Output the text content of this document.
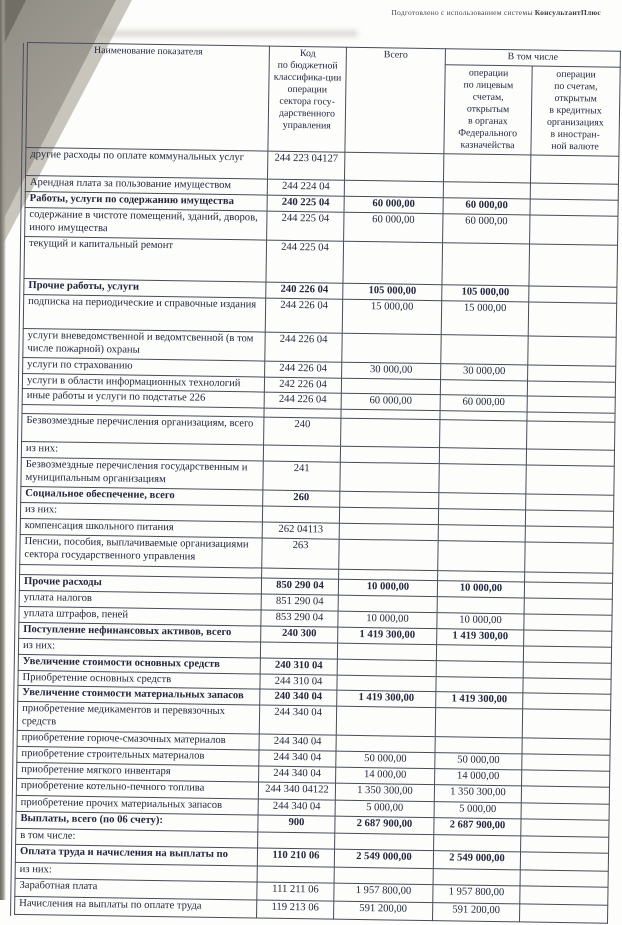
Подготовлено с использованием системы КонсультантПлюс
Наименование показателя	Код
по бюджетной
классифика-ции
операции
сектора госу-
дарственного
управления	Всего	В том числе
операции
по лицевым счетам,
открытым
в органах
Федерального
казначейства	операции
по счетам,
открытым
в кредитных
организациях
в иностран-
ной валюте
другие расходы по оплате коммунальных услуг	244 223 04127			
Арендная плата за пользование имуществом	244 224 04			
Работы, услуги по содержанию имущества	240 225 04	60 000,00	60 000,00	
содержание в чистоте помещений, зданий, дворов, иного имущества	244 225 04	60 000,00	60 000,00	
текущий и капитальный ремонт	244 225 04			
Прочие работы, услуги	240 226 04	105 000,00	105 000,00	
подписка на периодические и справочные издания	244 226 04	15 000,00	15 000,00	
услуги вневедомственной и ведомтсвенной (в том числе пожарной) охраны	244 226 04			
услуги по страхованию	244 226 04	30 000,00	30 000,00	
услуги в области информационных технологий	242 226 04			
иные работы и услуги по подстатье 226	244 226 04	60 000,00	60 000,00	

Безвозмездные перечисления организациям, всего	240			
из них:				
Безвозмездные перечисления государственным и муниципальным организациям	241			
Социальное обеспечение, всего	260			
из них:				
компенсация школьного питания	262 04113			
Пенсии, пособия, выплачиваемые организациями сектора государственного управления	263			

Прочие расходы	850 290 04	10 000,00	10 000,00	
уплата налогов	851 290 04			
уплата штрафов, пеней	853 290 04	10 000,00	10 000,00	
Поступление нефинансовых активов, всего	240 300	1 419 300,00	1 419 300,00	
из них:				
Увеличение стоимости основных средств	240 310 04			
Приобретение основных средств	244 310 04			
Увеличение стоимости материальных запасов	240 340 04	1 419 300,00	1 419 300,00	
приобретение медикаментов и перевязочных средств	244 340 04			
приобретение горюче-смазочных материалов	244 340 04			
приобретение строительных материалов	244 340 04	50 000,00	50 000,00	
приобретение мягкого инвентаря	244 340 04	14 000,00	14 000,00	
приобретение котельно-печного топлива	244 340 04122	1 350 300,00	1 350 300,00	
приобретение прочих материальных запасов	244 340 04	5 000,00	5 000,00	
Выплаты, всего (по 06 счету):	900	2 687 900,00	2 687 900,00	
в том числе:				
Оплата труда и начисления на выплаты по	110 210 06	2 549 000,00	2 549 000,00	
из них:				
Заработная плата	111 211 06	1 957 800,00	1 957 800,00	
Начисления на выплаты по оплате труда	119 213 06	591 200,00	591 200,00	
